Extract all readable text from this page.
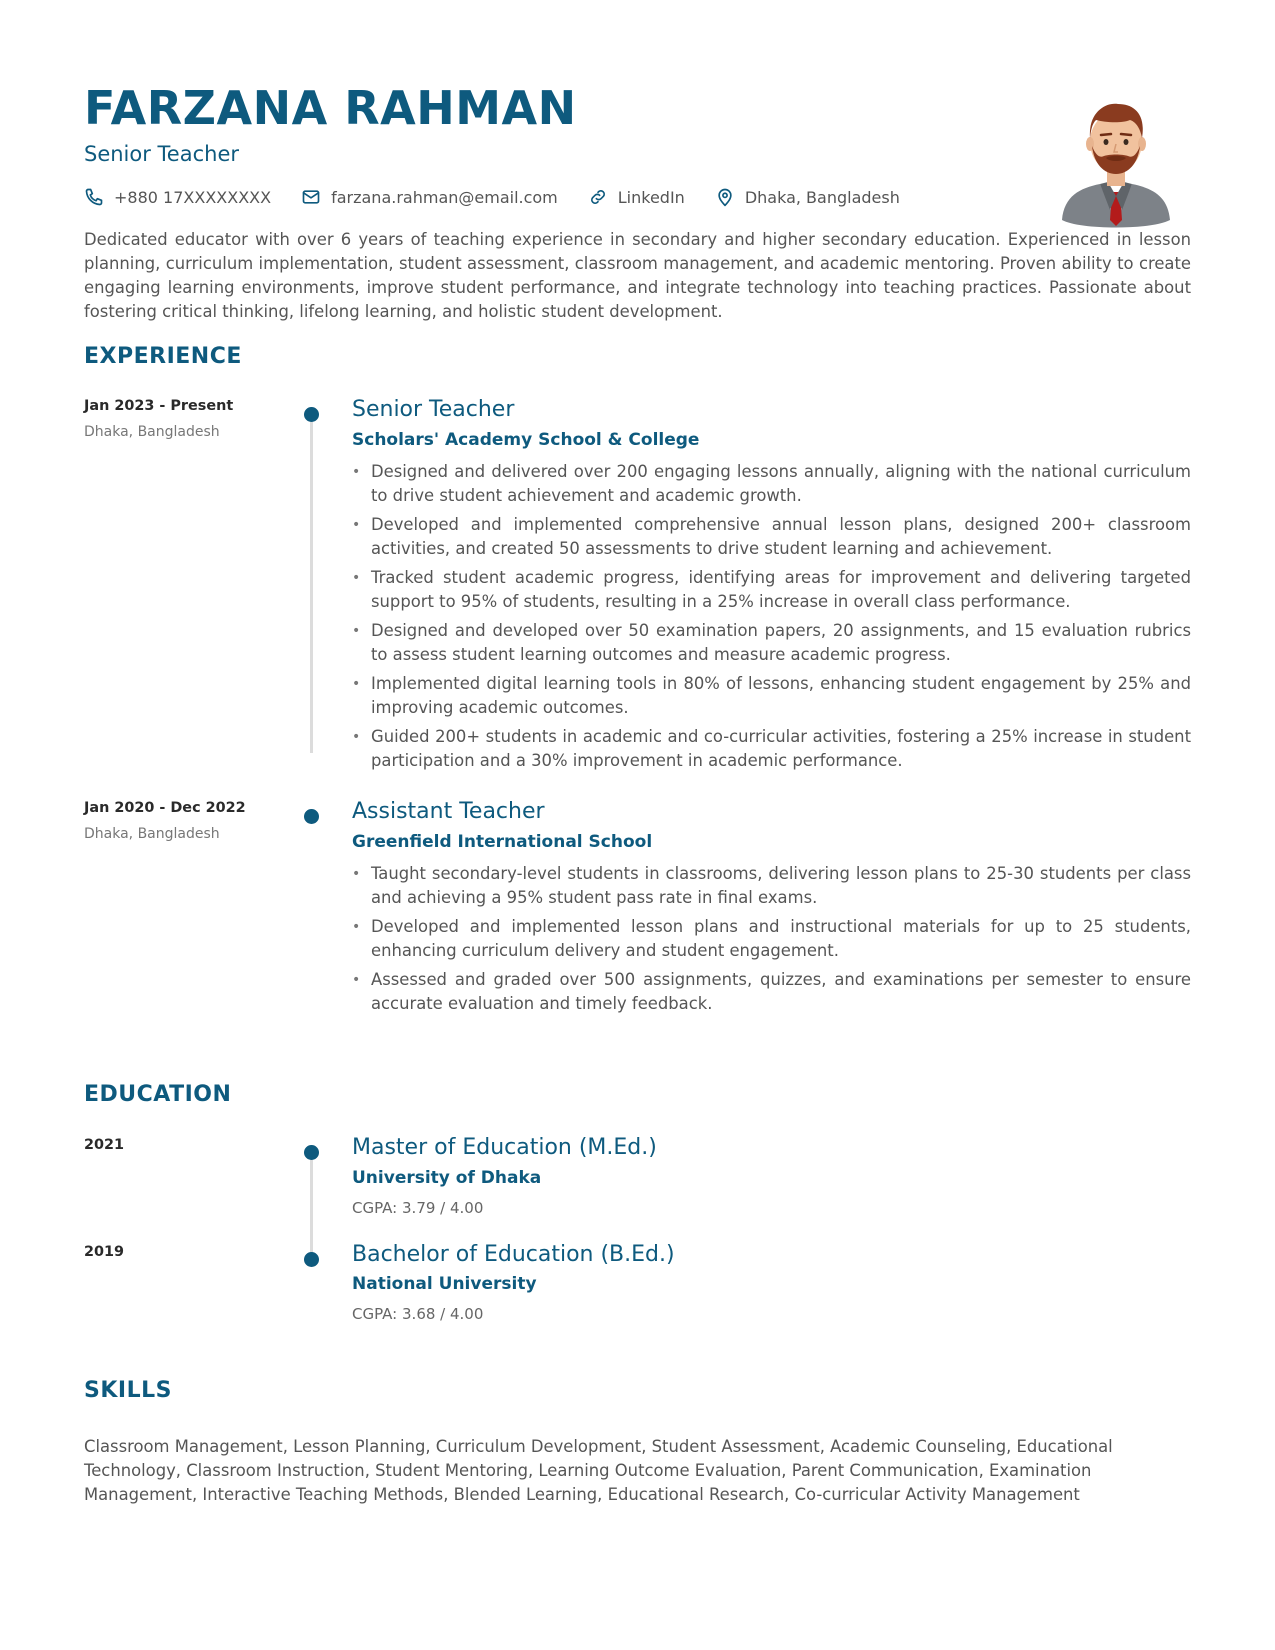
FARZANA RAHMAN
Senior Teacher
+880 17XXXXXXXX	farzana.rahman@email.com	LinkedIn	Dhaka, Bangladesh

Dedicated educator with over 6 years of teaching experience in secondary and higher secondary education. Experienced in lesson planning, curriculum implementation, student assessment, classroom management, and academic mentoring. Proven ability to create engaging learning environments, improve student performance, and integrate technology into teaching practices. Passionate about fostering critical thinking, lifelong learning, and holistic student development.

EXPERIENCE
Jan 2023 - Present
Dhaka, Bangladesh
Senior Teacher
Scholars' Academy School & College
• Designed and delivered over 200 engaging lessons annually, aligning with the national curriculum to drive student achievement and academic growth.
• Developed and implemented comprehensive annual lesson plans, designed 200+ classroom activities, and created 50 assessments to drive student learning and achievement.
• Tracked student academic progress, identifying areas for improvement and delivering targeted support to 95% of students, resulting in a 25% increase in overall class performance.
• Designed and developed over 50 examination papers, 20 assignments, and 15 evaluation rubrics to assess student learning outcomes and measure academic progress.
• Implemented digital learning tools in 80% of lessons, enhancing student engagement by 25% and improving academic outcomes.
• Guided 200+ students in academic and co-curricular activities, fostering a 25% increase in student participation and a 30% improvement in academic performance.
Jan 2020 - Dec 2022
Dhaka, Bangladesh
Assistant Teacher
Greenfield International School
• Taught secondary-level students in classrooms, delivering lesson plans to 25-30 students per class and achieving a 95% student pass rate in final exams.
• Developed and implemented lesson plans and instructional materials for up to 25 students, enhancing curriculum delivery and student engagement.
• Assessed and graded over 500 assignments, quizzes, and examinations per semester to ensure accurate evaluation and timely feedback.
EDUCATION
2021	Master of Education (M.Ed.)
University of Dhaka
CGPA: 3.79 / 4.00
2019	Bachelor of Education (B.Ed.)
National University
CGPA: 3.68 / 4.00
SKILLS

Classroom Management, Lesson Planning, Curriculum Development, Student Assessment, Academic Counseling, Educational Technology, Classroom Instruction, Student Mentoring, Learning Outcome Evaluation, Parent Communication, Examination Management, Interactive Teaching Methods, Blended Learning, Educational Research, Co-curricular Activity Management
